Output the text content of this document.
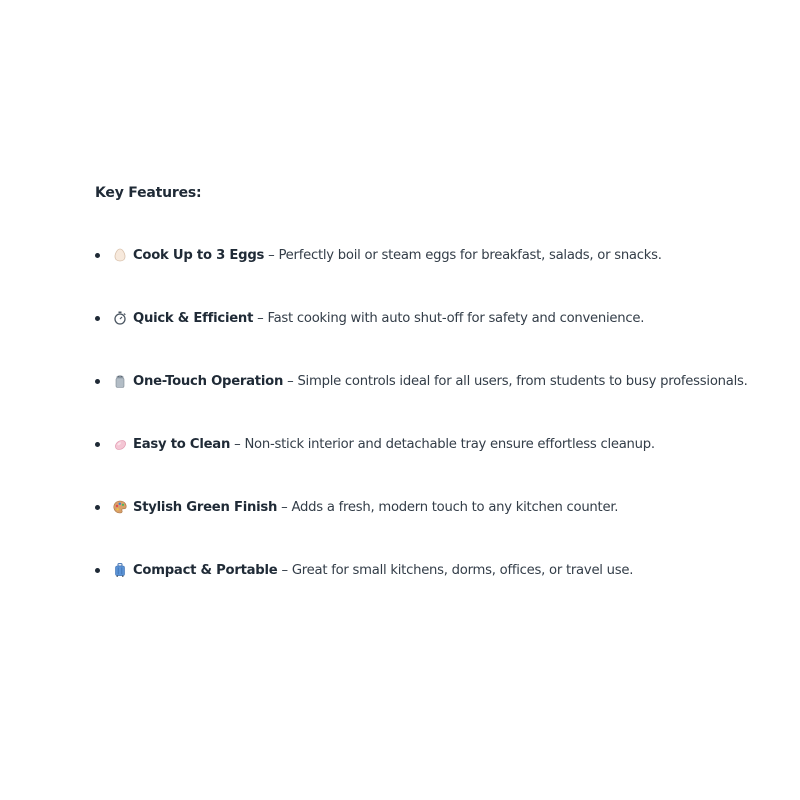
Key Features:
Cook Up to 3 Eggs – Perfectly boil or steam eggs for breakfast, salads, or snacks.
Quick & Efficient – Fast cooking with auto shut-off for safety and convenience.
One-Touch Operation – Simple controls ideal for all users, from students to busy professionals.
Easy to Clean – Non-stick interior and detachable tray ensure effortless cleanup.
Stylish Green Finish – Adds a fresh, modern touch to any kitchen counter.
Compact & Portable – Great for small kitchens, dorms, offices, or travel use.
